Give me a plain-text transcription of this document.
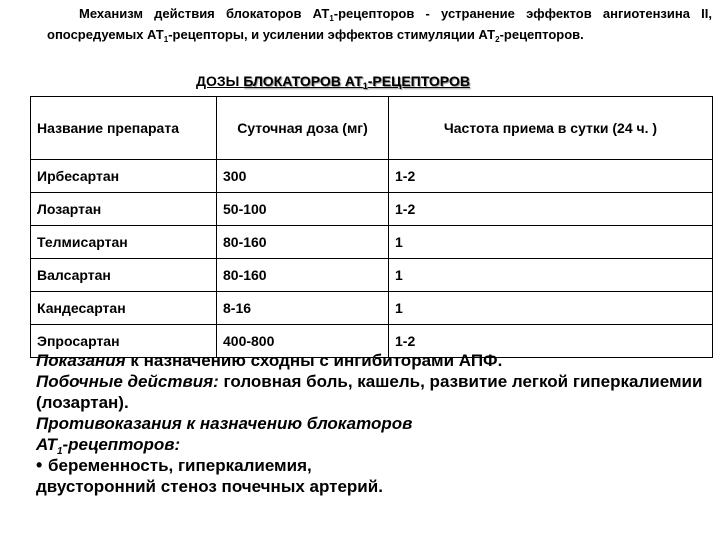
Механизм действия блокаторов $АТ_1$-рецепторов - устранение эффектов ангиотензина II, опосредуемых $АТ_1$-рецепторы, и усилении эффектов стимуляции $АТ_2$-рецепторов.
ДОЗЫ БЛОКАТОРОВ $АТ_1$-РЕЦЕПТОРОВ
Название препарата	Суточная доза (мг)	Частота приема в сутки (24 ч. )
Ирбесартан	300	1-2
Лозартан	50-100	1-2
Телмисартан	80-160	1
Валсартан	80-160	1
Кандесартан	8-16	1
Эпросартан	400-800	1-2

Показания к назначению сходны с ингибиторами АПФ.

Побочные действия: головная боль, кашель, развитие легкой гиперкалиемии (лозартан).

Противоказания к назначению блокаторов
$АТ_1$-рецепторов:

• беременность, гиперкалиемия,
двусторонний стеноз почечных артерий.
